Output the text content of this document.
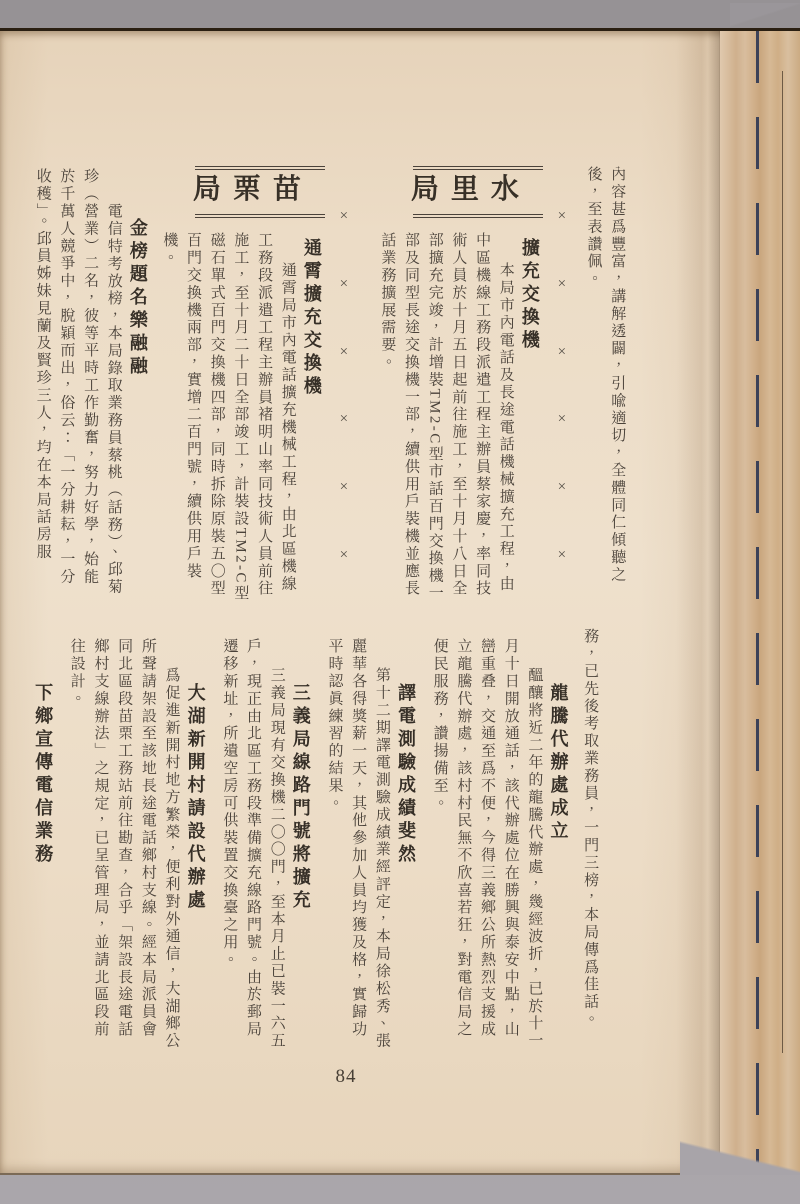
內容甚爲豐富，講解透闢，引喩適切，全體同仁傾聽之後，至表讚佩。

×
×
×
×
×
×
水里局
擴充交換機

本局市內電話及長途電話機械擴充工程，由中區機線工務段派遣工程主辦員蔡家慶，率同技術人員於十月五日起前往施工，至十月十八日全部擴充完竣，計增裝TM2-C型市話百門交換機一部及同型長途交換機一部，續供用戶裝機並應長話業務擴展需要。

×
×
×
×
×
×
苗栗局
通霄擴充交換機

通霄局市內電話擴充機械工程，由北區機線工務段派遣工程主辦員褚明山率同技術人員前往施工，至十月二十日全部竣工，計裝設TM2-C型磁石單式百門交換機四部，同時拆除原裝五〇型百門交換機兩部，實增二百門號，續供用戶裝機。

金榜題名樂融融

電信特考放榜，本局錄取業務員蔡桃（話務）、邱菊珍（營業）二名，彼等平時工作勤奮，努力好學，始能於千萬人競爭中，脫穎而出，俗云：「一分耕耘，一分收穫」。邱員姊妹見蘭及賢珍三人，均在本局話房服

務，已先後考取業務員，一門三榜，本局傳爲佳話。

龍騰代辦處成立

醞釀將近二年的龍騰代辦處，幾經波折，已於十一月十日開放通話，該代辦處位在勝興與泰安中點，山巒重叠，交通至爲不便，今得三義鄉公所熱烈支援成立龍騰代辦處，該村村民無不欣喜若狂，對電信局之便民服務，讚揚備至。

譯電測驗成績斐然

第十二期譯電測驗成績業經評定，本局徐松秀、張麗華各得獎薪一天，其他參加人員均獲及格，實歸功平時認眞練習的結果。

三義局線路門號將擴充

三義局現有交換機二〇〇門，至本月止已裝一六五戶，現正由北區工務段準備擴充線路門號。由於郵局遷移新址，所遺空房可供裝置交換臺之用。

大湖新開村請設代辦處

爲促進新開村地方繁榮，便利對外通信，大湖鄉公所聲請架設至該地長途電話鄉村支線。經本局派員會同北區段苗栗工務站前往勘查，合乎「架設長途電話鄉村支線辦法」之規定，已呈管理局，並請北區段前往設計。

下鄉宣傳電信業務
84
